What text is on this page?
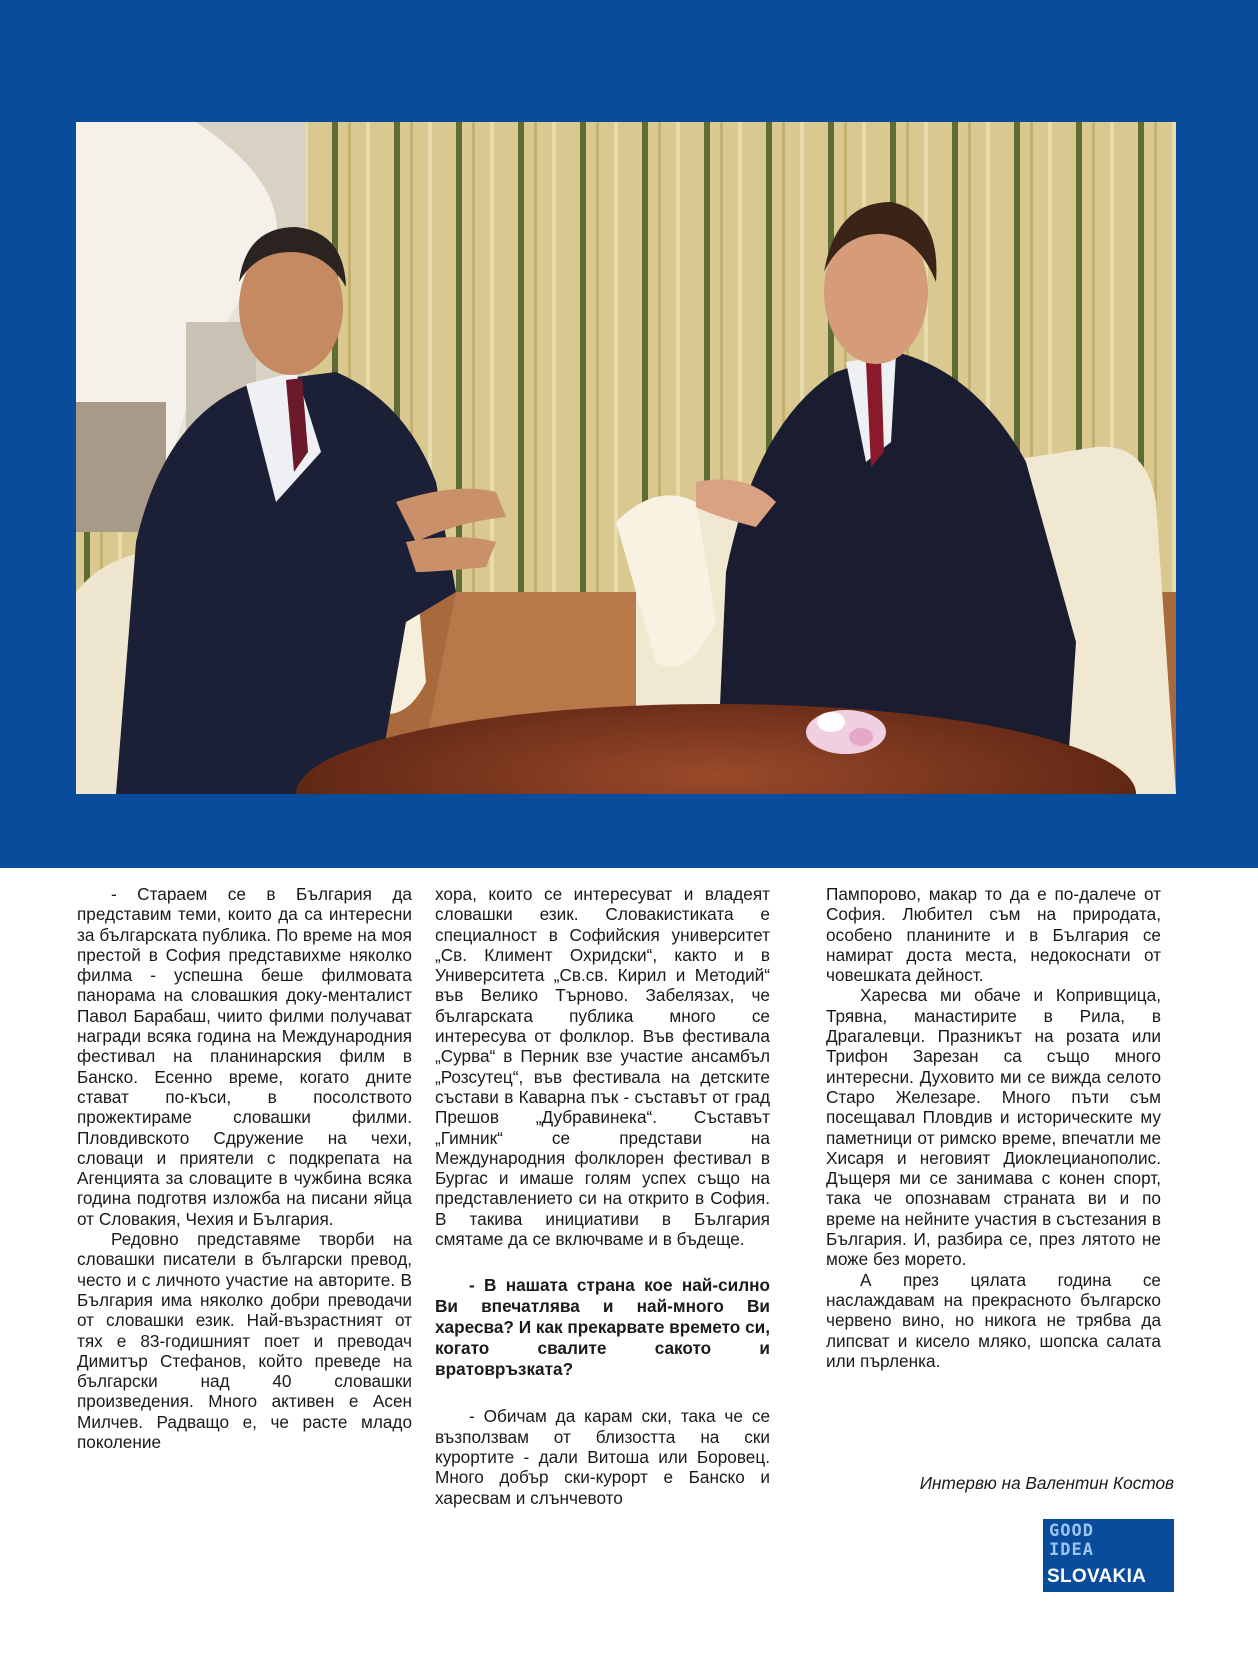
- Стараем се в България да представим теми, които да са интересни за българската публика. По време на моя престой в София представихме няколко филма - успешна беше филмовата панорама на словашкия доку-менталист Павол Барабаш, чиито филми получават награди всяка година на Международния фестивал на планинарския филм в Банско. Есенно време, когато дните стават по-къси, в посолството прожектираме словашки филми. Пловдивското Сдружение на чехи, словаци и приятели с подкрепата на Агенцията за словаците в чужбина всяка година подготвя изложба на писани яйца от Словакия, Чехия и България.

Редовно представяме творби на словашки писатели в български превод, често и с личното участие на авторите. В България има няколко добри преводачи от словашки език. Най-възрастният от тях е 83-годишният поет и преводач Димитър Стефанов, който преведе на български над 40 словашки произведения. Много активен е Асен Милчев. Радващо е, че расте младо поколение

хора, които се интересуват и владеят словашки език. Словакистиката е специалност в Софийския университет „Св. Климент Охридски“, както и в Университета „Св.св. Кирил и Методий“ във Велико Търново. Забелязах, че българската публика много се интересува от фолклор. Във фестивала „Сурва“ в Перник взе участие ансамбъл „Розсутец“, във фестивала на детските състави в Каварна пък - съставът от град Прешов „Дубравинека“. Съставът „Гимник“ се представи на Международния фолклорен фестивал в Бургас и имаше голям успех също на представлението си на открито в София. В такива инициативи в България смятаме да се включваме и в бъдеще.

- В нашата страна кое най-силно Ви впечатлява и най-много Ви харесва? И как прекарвате времето си, когато свалите сакото и вратовръзката?

- Обичам да карам ски, така че се възползвам от близостта на ски курортите - дали Витоша или Боровец. Много добър ски-курорт е Банско и харесвам и слънчевото

Пампорово, макар то да е по-далече от София. Любител съм на природата, особено планините и в България се намират доста места, недокоснати от човешката дейност.

Харесва ми обаче и Копривщица, Трявна, манастирите в Рила, в Драгалевци. Празникът на розата или Трифон Зарезан са също много интересни. Духовито ми се вижда селото Старо Железаре. Много пъти съм посещавал Пловдив и историческите му паметници от римско време, впечатли ме Хисаря и неговият Диоклецианополис. Дъщеря ми се занимава с конен спорт, така че опознавам страната ви и по време на нейните участия в състезания в България. И, разбира се, през лятото не може без морето.

А през цялата година се наслаждавам на прекрасното българско червено вино, но никога не трябва да липсват и кисело мляко, шопска салата или пърленка.

Интервю на Валентин Костов
GOOD
IDEA
SLOVAKIA
